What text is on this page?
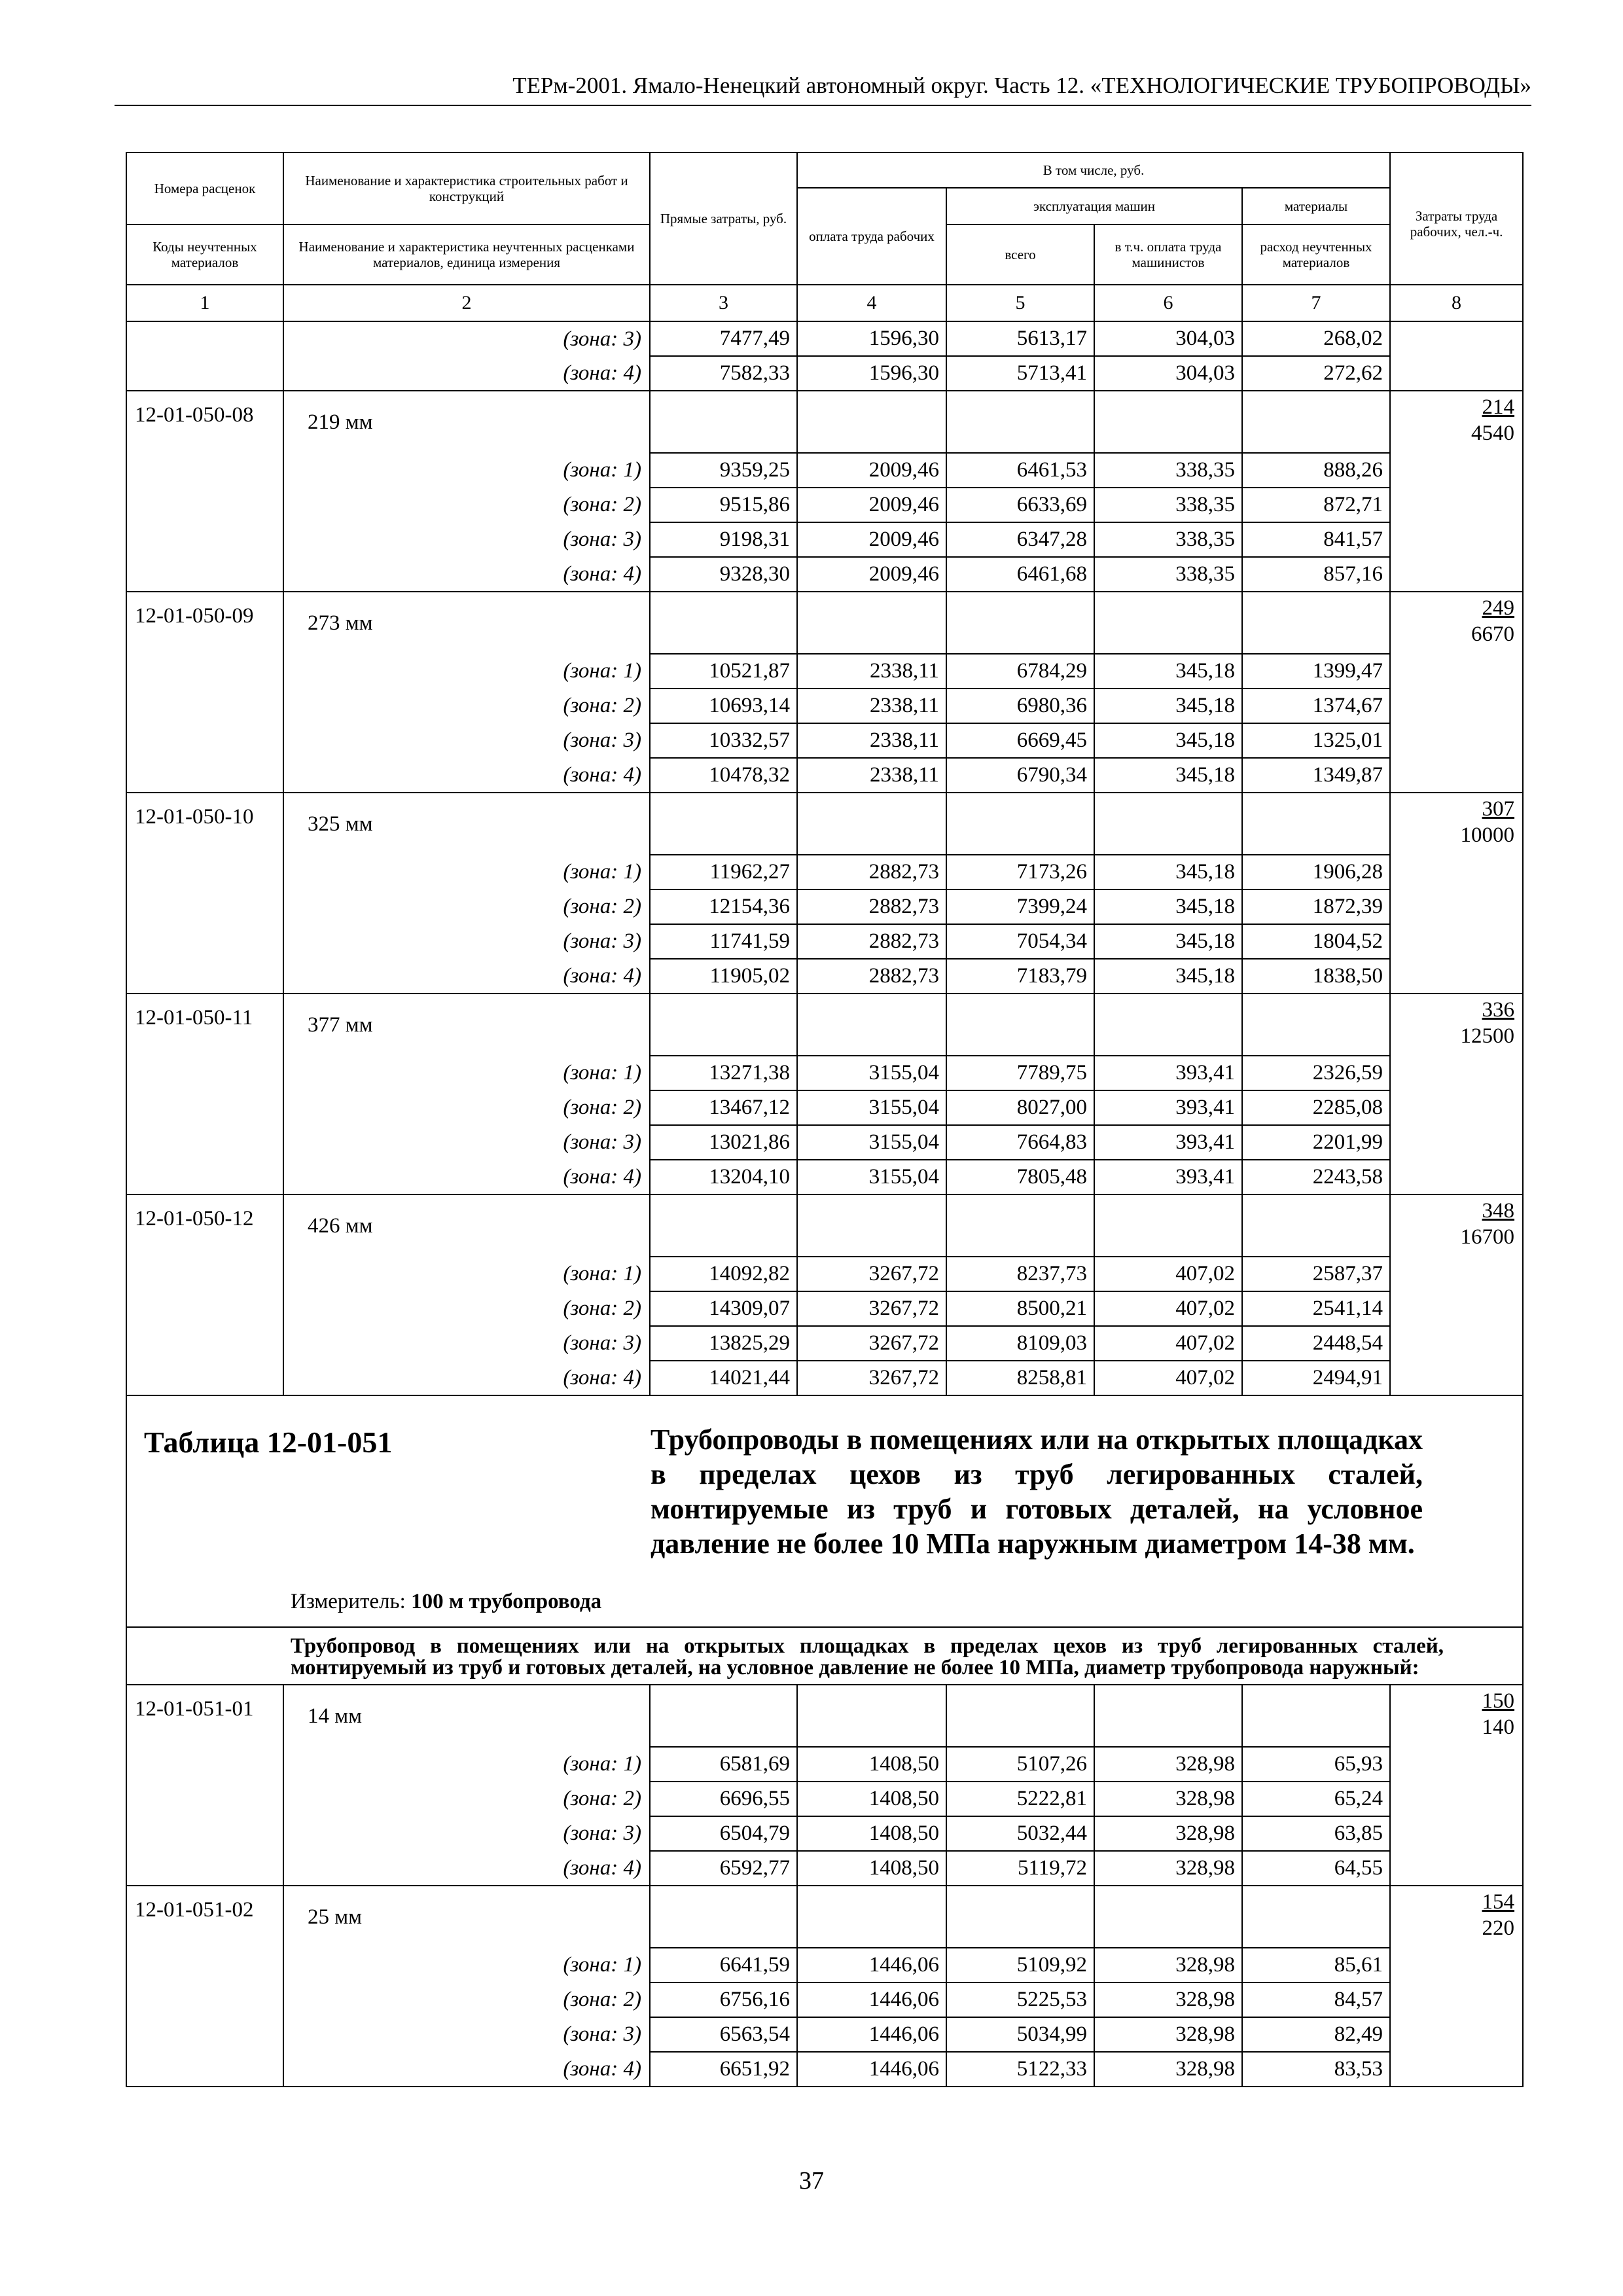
ТЕРм-2001. Ямало-Ненецкий автономный округ. Часть 12. «ТЕХНОЛОГИЧЕСКИЕ ТРУБОПРОВОДЫ»
Номера расценок	Наименование и характеристика строительных работ и конструкций	Прямые затраты, руб.	В том числе, руб.				Затраты труда рабочих, чел.-ч.

			оплата труда рабочих	эксплуатация машин		материалы	
Коды неучтенных материалов	Наименование и характеристика неучтенных расценками материалов, единица измерения			всего	в т.ч. оплата труда машинистов	расход неучтенных материалов	
1	2	3	4	5	6	7	8
	(зона: 3)	7477,49	1596,30	5613,17	304,03	268,02	
	(зона: 4)	7582,33	1596,30	5713,41	304,03	272,62	
12-01-050-08	219 мм						214
4540

	(зона: 1)	9359,25	2009,46	6461,53	338,35	888,26	
	(зона: 2)	9515,86	2009,46	6633,69	338,35	872,71	
	(зона: 3)	9198,31	2009,46	6347,28	338,35	841,57	
	(зона: 4)	9328,30	2009,46	6461,68	338,35	857,16	
12-01-050-09	273 мм						249
6670

	(зона: 1)	10521,87	2338,11	6784,29	345,18	1399,47	
	(зона: 2)	10693,14	2338,11	6980,36	345,18	1374,67	
	(зона: 3)	10332,57	2338,11	6669,45	345,18	1325,01	
	(зона: 4)	10478,32	2338,11	6790,34	345,18	1349,87	
12-01-050-10	325 мм						307
10000

	(зона: 1)	11962,27	2882,73	7173,26	345,18	1906,28	
	(зона: 2)	12154,36	2882,73	7399,24	345,18	1872,39	
	(зона: 3)	11741,59	2882,73	7054,34	345,18	1804,52	
	(зона: 4)	11905,02	2882,73	7183,79	345,18	1838,50	
12-01-050-11	377 мм						336
12500

	(зона: 1)	13271,38	3155,04	7789,75	393,41	2326,59	
	(зона: 2)	13467,12	3155,04	8027,00	393,41	2285,08	
	(зона: 3)	13021,86	3155,04	7664,83	393,41	2201,99	
	(зона: 4)	13204,10	3155,04	7805,48	393,41	2243,58	
12-01-050-12	426 мм						348
16700

	(зона: 1)	14092,82	3267,72	8237,73	407,02	2587,37	
	(зона: 2)	14309,07	3267,72	8500,21	407,02	2541,14	
	(зона: 3)	13825,29	3267,72	8109,03	407,02	2448,54	
	(зона: 4)	14021,44	3267,72	8258,81	407,02	2494,91	

Таблица 12-01-051 Трубопроводы в помещениях или на открытых площадках в пределах цехов из труб легированных сталей, монтируемые из труб и готовых деталей, на условное давление не более 10 МПа наружным диаметром 14-38 мм.
Измеритель: 100 м трубопровода							

Трубопровод в помещениях или на открытых площадках в пределах цехов из труб легированных сталей, монтируемый из труб и готовых деталей, на условное давление не более 10 МПа, диаметр трубопровода наружный:							
12-01-051-01	14 мм						150
140

	(зона: 1)	6581,69	1408,50	5107,26	328,98	65,93	
	(зона: 2)	6696,55	1408,50	5222,81	328,98	65,24	
	(зона: 3)	6504,79	1408,50	5032,44	328,98	63,85	
	(зона: 4)	6592,77	1408,50	5119,72	328,98	64,55	
12-01-051-02	25 мм						154
220

	(зона: 1)	6641,59	1446,06	5109,92	328,98	85,61	
	(зона: 2)	6756,16	1446,06	5225,53	328,98	84,57	
	(зона: 3)	6563,54	1446,06	5034,99	328,98	82,49	
	(зона: 4)	6651,92	1446,06	5122,33	328,98	83,53	
37
